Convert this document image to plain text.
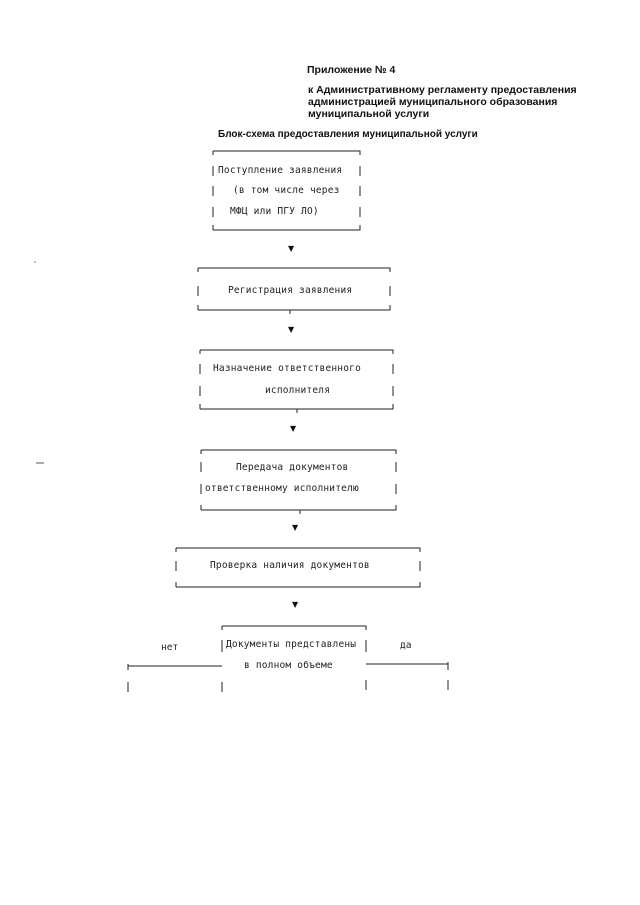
Приложение № 4
к Административному регламенту предоставления
администрацией муниципального образования
муниципальной услуги
Блок-схема предоставления муниципальной услуги
Поступление заявления
(в том числе через
МФЦ или ПГУ ЛО)
▼
Регистрация заявления
▼
Назначение ответственного
исполнителя
▼
Передача документов
ответственному исполнителю
▼
Проверка наличия документов
▼
Документы представлены
в полном объеме
нет	да
